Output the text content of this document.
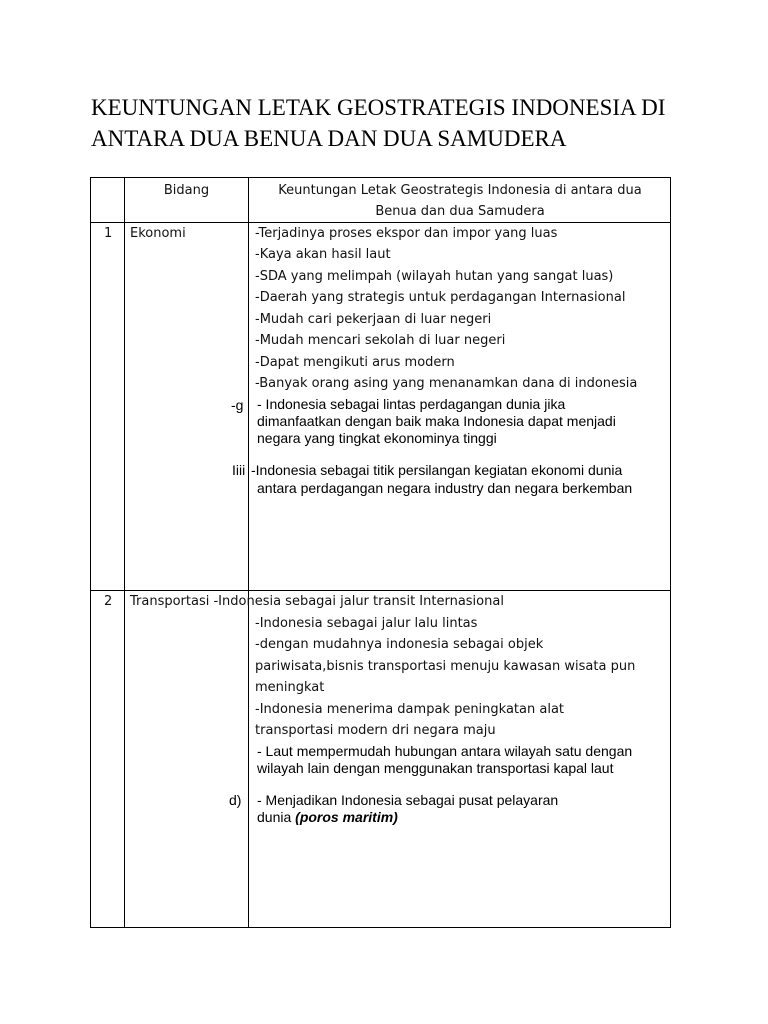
KEUNTUNGAN LETAK GEOSTRATEGIS INDONESIA DI
ANTARA DUA BENUA DAN DUA SAMUDERA
Bidang	Keuntungan Letak Geostrategis Indonesia di antara dua
Benua dan dua Samudera
1 Ekonomi	-Terjadinya proses ekspor dan impor yang luas
-Kaya akan hasil laut
-SDA yang melimpah (wilayah hutan yang sangat luas)
-Daerah yang strategis untuk perdagangan Internasional
-Mudah cari pekerjaan di luar negeri
-Mudah mencari sekolah di luar negeri
-Dapat mengikuti arus modern
-Banyak orang asing yang menanamkan dana di indonesia
-g - Indonesia sebagai lintas perdagangan dunia jika
dimanfaatkan dengan baik maka Indonesia dapat menjadi
negara yang tingkat ekonominya tinggi
Iiii -Indonesia sebagai titik persilangan kegiatan ekonomi dunia
antara perdagangan negara industry dan negara berkemban
2 Transportasi -Indonesia sebagai jalur transit Internasional
-Indonesia sebagai jalur lalu lintas
-dengan mudahnya indonesia sebagai objek
pariwisata,bisnis transportasi menuju kawasan wisata pun
meningkat
-Indonesia menerima dampak peningkatan alat
transportasi modern dri negara maju
- Laut mempermudah hubungan antara wilayah satu dengan
wilayah lain dengan menggunakan transportasi kapal laut
d) - Menjadikan Indonesia sebagai pusat pelayaran
dunia (poros maritim)
